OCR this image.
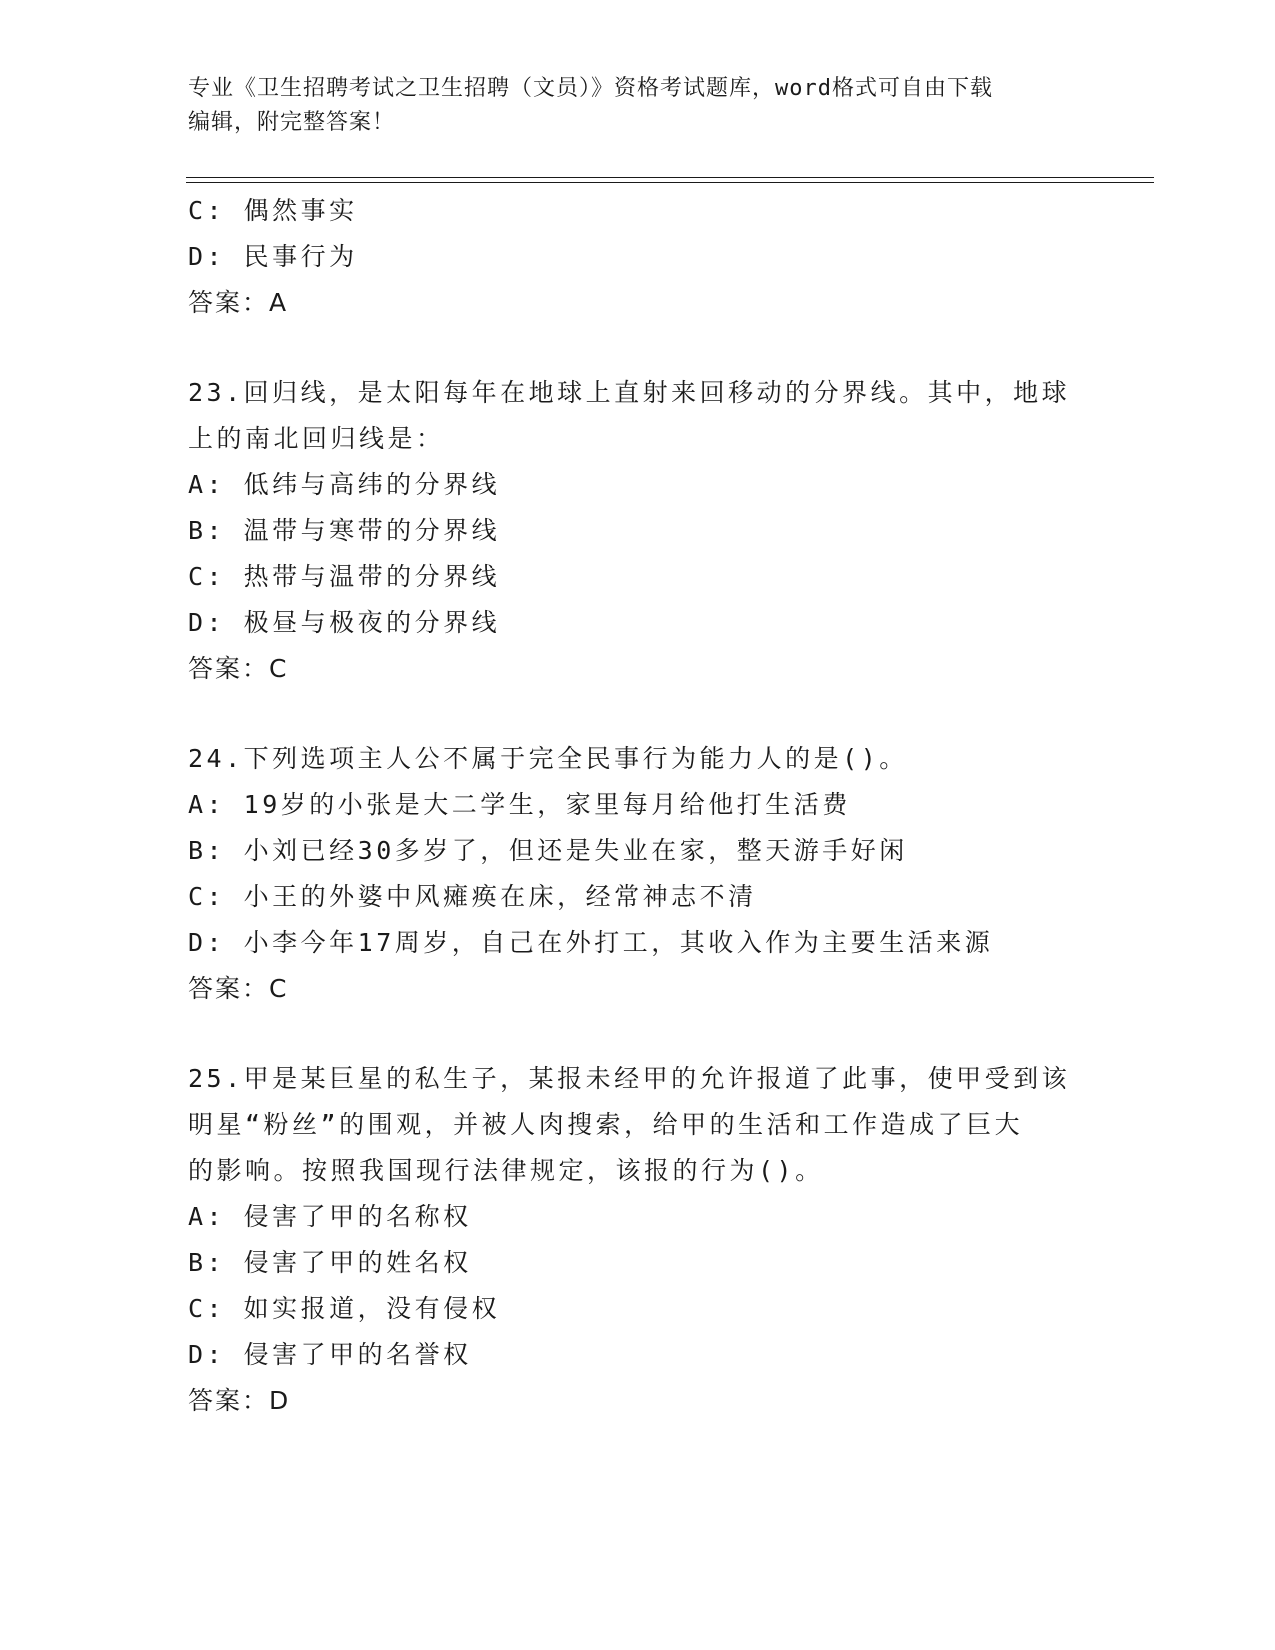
专业《卫生招聘考试之卫生招聘（文员）》资格考试题库，word格式可自由下载
编辑，附完整答案！
C: 偶然事实
D: 民事行为
答案：A
23.回归线，是太阳每年在地球上直射来回移动的分界线。其中，地球
上的南北回归线是：
A: 低纬与高纬的分界线
B: 温带与寒带的分界线
C: 热带与温带的分界线
D: 极昼与极夜的分界线
答案：C
24.下列选项主人公不属于完全民事行为能力人的是()。
A: 19岁的小张是大二学生，家里每月给他打生活费
B: 小刘已经30多岁了，但还是失业在家，整天游手好闲
C: 小王的外婆中风瘫痪在床，经常神志不清
D: 小李今年17周岁，自己在外打工，其收入作为主要生活来源
答案：C
25.甲是某巨星的私生子，某报未经甲的允许报道了此事，使甲受到该
明星“粉丝”的围观，并被人肉搜索，给甲的生活和工作造成了巨大
的影响。按照我国现行法律规定，该报的行为()。
A: 侵害了甲的名称权
B: 侵害了甲的姓名权
C: 如实报道，没有侵权
D: 侵害了甲的名誉权
答案：D
